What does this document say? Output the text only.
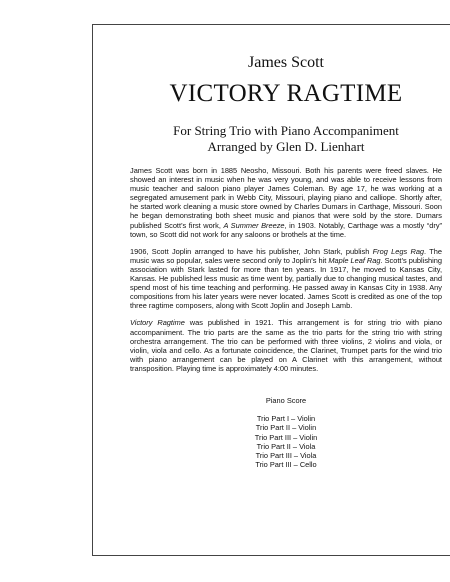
James Scott
VICTORY RAGTIME
For String Trio with Piano Accompaniment
Arranged by Glen D. Lienhart

James Scott was born in 1885 Neosho, Missouri. Both his parents were freed slaves. He showed an interest in music when he was very young, and was able to receive lessons from music teacher and saloon piano player James Coleman. By age 17, he was working at a segregated amusement park in Webb City, Missouri, playing piano and calliope. Shortly after, he started work cleaning a music store owned by Charles Dumars in Carthage, Missouri. Soon he began demonstrating both sheet music and pianos that were sold by the store. Dumars published Scott’s first work, A Summer Breeze, in 1903. Notably, Carthage was a mostly “dry” town, so Scott did not work for any saloons or brothels at the time.

1906, Scott Joplin arranged to have his publisher, John Stark, publish Frog Legs Rag. The music was so popular, sales were second only to Joplin’s hit Maple Leaf Rag. Scott’s publishing association with Stark lasted for more than ten years. In 1917, he moved to Kansas City, Kansas. He published less music as time went by, partially due to changing musical tastes, and spend most of his time teaching and performing. He passed away in Kansas City in 1938. Any compositions from his later years were never located. James Scott is credited as one of the top three ragtime composers, along with Scott Joplin and Joseph Lamb.

Victory Ragtime was published in 1921. This arrangement is for string trio with piano accompaniment. The trio parts are the same as the trio parts for the string trio with string orchestra arrangement. The trio can be performed with three violins, 2 violins and viola, or violin, viola and cello. As a fortunate coincidence, the Clarinet, Trumpet parts for the wind trio with piano arrangement can be played on A Clarinet with this arrangement, without transposition. Playing time is approximately 4:00 minutes.

Piano Score
Trio Part I – Violin
Trio Part II – Violin
Trio Part III – Violin
Trio Part II – Viola
Trio Part III – Viola
Trio Part III – Cello
